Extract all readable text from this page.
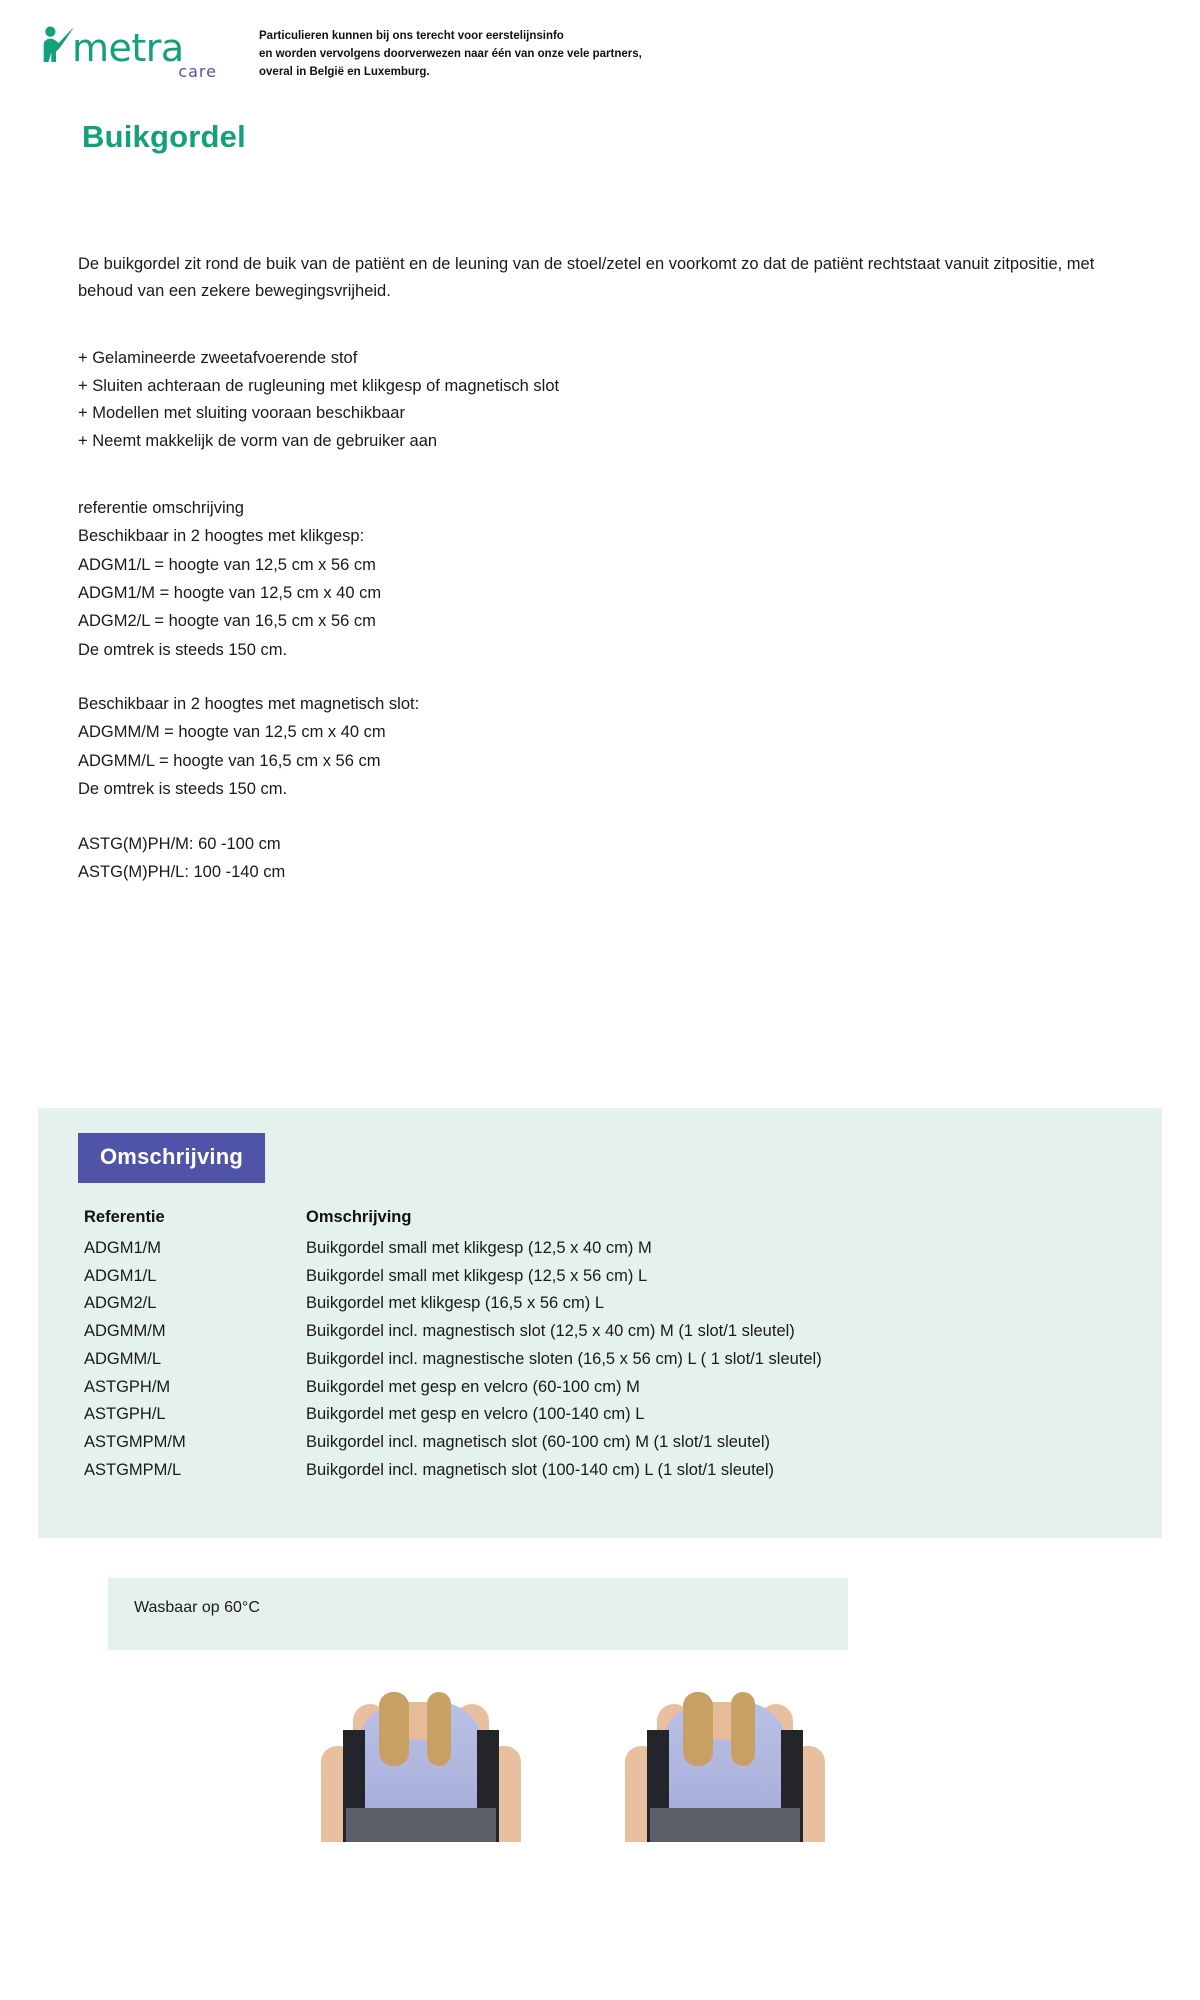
metra
care
Particulieren kunnen bij ons terecht voor eerstelijnsinfo
en worden vervolgens doorverwezen naar één van onze vele partners,
overal in België en Luxemburg.
Buikgordel

De buikgordel zit rond de buik van de patiënt en de leuning van de stoel/zetel en voorkomt zo dat de patiënt rechtstaat vanuit zitpositie, met behoud van een zekere bewegingsvrijheid.

+ Gelamineerde zweetafvoerende stof
+ Sluiten achteraan de rugleuning met klikgesp of magnetisch slot
+ Modellen met sluiting vooraan beschikbaar
+ Neemt makkelijk de vorm van de gebruiker aan
referentie omschrijving
Beschikbaar in 2 hoogtes met klikgesp:
ADGM1/L = hoogte van 12,5 cm x 56 cm
ADGM1/M = hoogte van 12,5 cm x 40 cm
ADGM2/L = hoogte van 16,5 cm x 56 cm
De omtrek is steeds 150 cm.
Beschikbaar in 2 hoogtes met magnetisch slot:
ADGMM/M = hoogte van 12,5 cm x 40 cm
ADGMM/L = hoogte van 16,5 cm x 56 cm
De omtrek is steeds 150 cm.
ASTG(M)PH/M: 60 -100 cm
ASTG(M)PH/L: 100 -140 cm
Omschrijving
Referentie	Omschrijving
ADGM1/M	Buikgordel small met klikgesp (12,5 x 40 cm) M
ADGM1/L	Buikgordel small met klikgesp (12,5 x 56 cm) L
ADGM2/L	Buikgordel met klikgesp (16,5 x 56 cm) L
ADGMM/M	Buikgordel incl. magnestisch slot (12,5 x 40 cm) M (1 slot/1 sleutel)
ADGMM/L	Buikgordel incl. magnestische sloten (16,5 x 56 cm) L ( 1 slot/1 sleutel)
ASTGPH/M	Buikgordel met gesp en velcro (60-100 cm) M
ASTGPH/L	Buikgordel met gesp en velcro (100-140 cm) L
ASTGMPM/M	Buikgordel incl. magnetisch slot (60-100 cm) M (1 slot/1 sleutel)
ASTGMPM/L	Buikgordel incl. magnetisch slot (100-140 cm) L (1 slot/1 sleutel)
Wasbaar op 60°C
